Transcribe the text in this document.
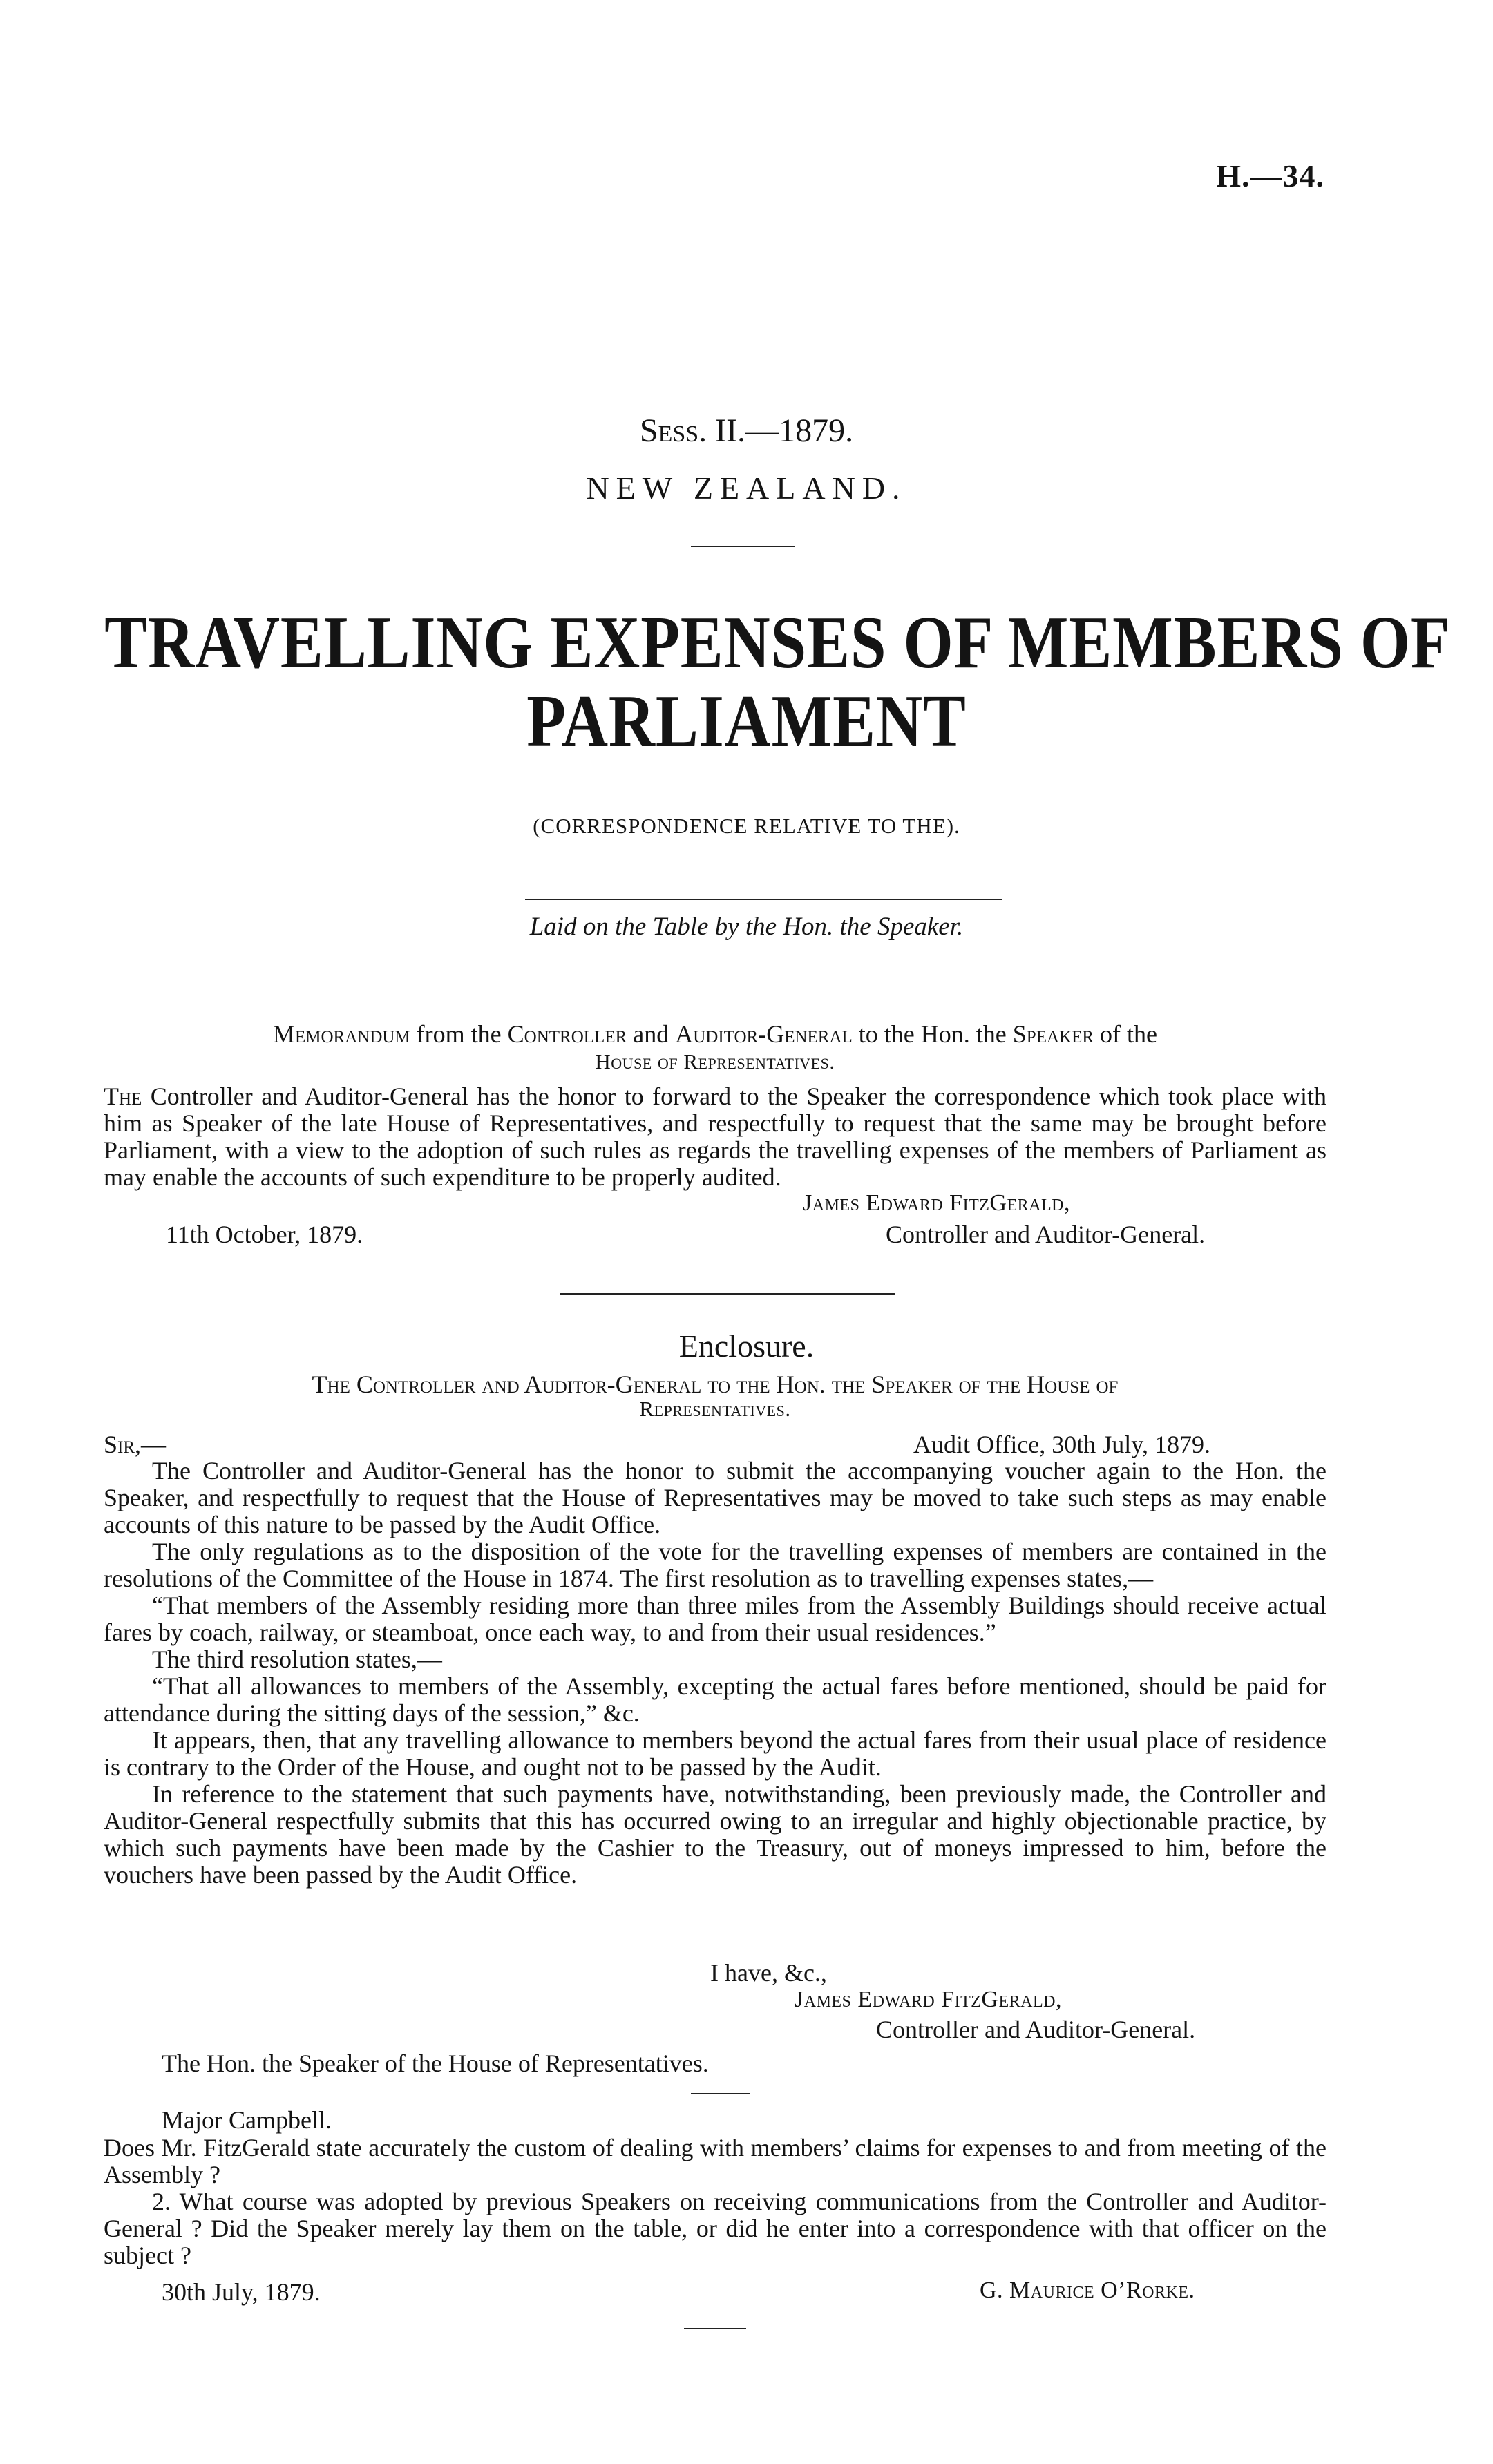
H.—34.
Sess. II.—1879.
NEW ZEALAND.
TRAVELLING EXPENSES OF MEMBERS OF
PARLIAMENT
(CORRESPONDENCE RELATIVE TO THE).
Laid on the Table by the Hon. the Speaker.
Memorandum from the Controller and Auditor-General to the Hon. the Speaker of the
House of Representatives.
The Controller and Auditor-General has the honor to forward to the Speaker the correspondence which took place with him as Speaker of the late House of Representatives, and respectfully to request that the same may be brought before Parliament, with a view to the adoption of such rules as regards the travelling expenses of the members of Parliament as may enable the accounts of such expenditure to be properly audited.
James Edward FitzGerald,
11th October, 1879.	Controller and Auditor-General.
Enclosure.
The Controller and Auditor-General to the Hon. the Speaker of the House of
Representatives.
Sir,—	Audit Office, 30th July, 1879.
The Controller and Auditor-General has the honor to submit the accompanying voucher again to the Hon. the Speaker, and respectfully to request that the House of Representatives may be moved to take such steps as may enable accounts of this nature to be passed by the Audit Office.
The only regulations as to the disposition of the vote for the travelling expenses of members are contained in the resolutions of the Committee of the House in 1874. The first resolution as to travelling expenses states,—
“That members of the Assembly residing more than three miles from the Assembly Buildings should receive actual fares by coach, railway, or steamboat, once each way, to and from their usual residences.”
The third resolution states,—
“That all allowances to members of the Assembly, excepting the actual fares before mentioned, should be paid for attendance during the sitting days of the session,” &c.
It appears, then, that any travelling allowance to members beyond the actual fares from their usual place of residence is contrary to the Order of the House, and ought not to be passed by the Audit.
In reference to the statement that such payments have, notwithstanding, been previously made, the Controller and Auditor-General respectfully submits that this has occurred owing to an irregular and highly objectionable practice, by which such payments have been made by the Cashier to the Treasury, out of moneys impressed to him, before the vouchers have been passed by the Audit Office.
I have, &c.,
James Edward FitzGerald,
Controller and Auditor-General.
The Hon. the Speaker of the House of Representatives.
Major Campbell.
Does Mr. FitzGerald state accurately the custom of dealing with members’ claims for expenses to and from meeting of the Assembly ?
2. What course was adopted by previous Speakers on receiving communications from the Controller and Auditor-General ? Did the Speaker merely lay them on the table, or did he enter into a correspondence with that officer on the subject ?
30th July, 1879.	G. Maurice O’Rorke.
